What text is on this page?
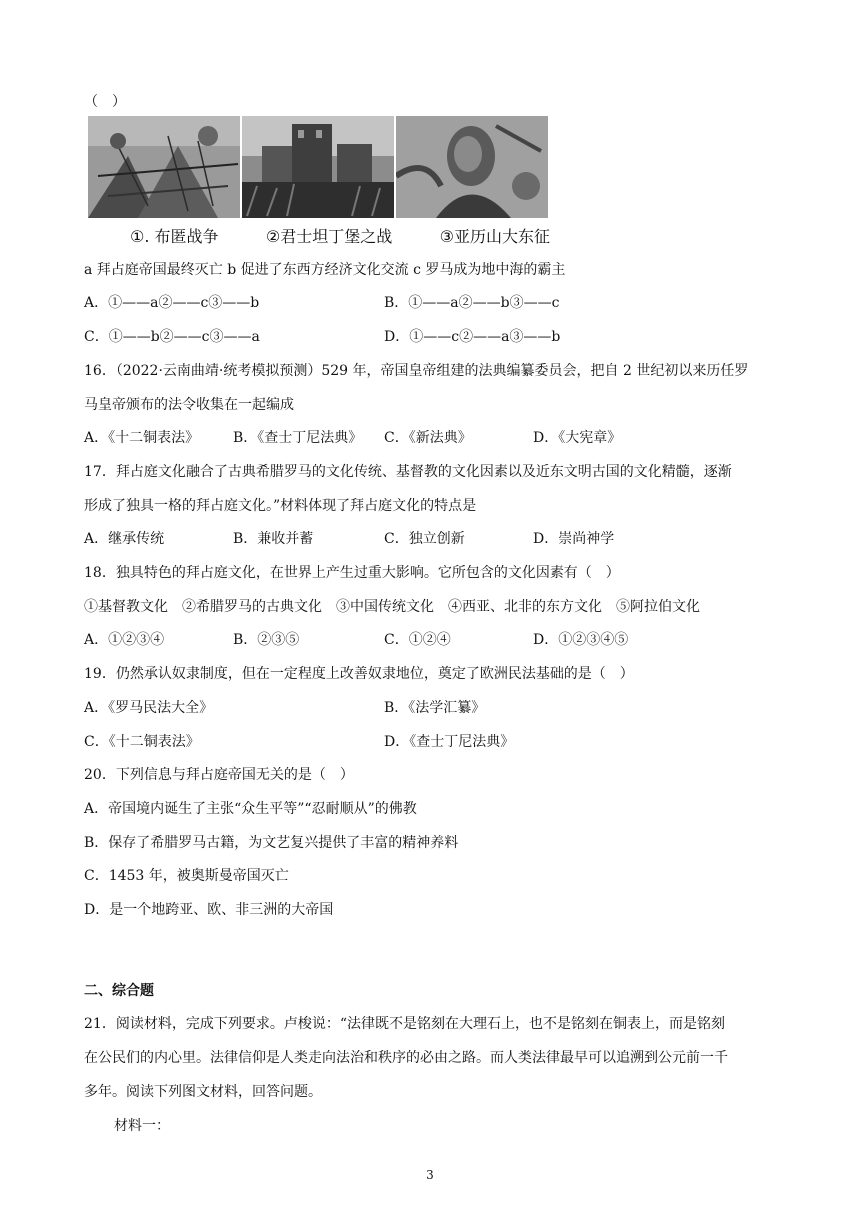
（　）
①. 布匿战争	②君士坦丁堡之战	③亚历山大东征
a 拜占庭帝国最终灭亡 b 促进了东西方经济文化交流 c 罗马成为地中海的霸主
A．①——a②——c③——b	B．①——a②——b③——c
C．①——b②——c③——a	D．①——c②——a③——b
16．（2022·云南曲靖·统考模拟预测）529 年，帝国皇帝组建的法典编纂委员会，把自 2 世纪初以来历任罗
马皇帝颁布的法令收集在一起编成
A．《十二铜表法》 B．《查士丁尼法典》 C．《新法典》	D．《大宪章》
17．拜占庭文化融合了古典希腊罗马的文化传统、基督教的文化因素以及近东文明古国的文化精髓，逐渐
形成了独具一格的拜占庭文化。”材料体现了拜占庭文化的特点是
A．继承传统	B．兼收并蓄	C．独立创新	D．崇尚神学
18．独具特色的拜占庭文化，在世界上产生过重大影响。它所包含的文化因素有（　）
①基督教文化　②希腊罗马的古典文化　③中国传统文化　④西亚、北非的东方文化　⑤阿拉伯文化
A．①②③④	B．②③⑤	C．①②④	D．①②③④⑤
19．仍然承认奴隶制度，但在一定程度上改善奴隶地位，奠定了欧洲民法基础的是（　）
A．《罗马民法大全》	B．《法学汇纂》
C．《十二铜表法》	D．《查士丁尼法典》
20．下列信息与拜占庭帝国无关的是（　）
A．帝国境内诞生了主张“众生平等”“忍耐顺从”的佛教
B．保存了希腊罗马古籍，为文艺复兴提供了丰富的精神养料
C．1453 年，被奥斯曼帝国灭亡
D．是一个地跨亚、欧、非三洲的大帝国
二、综合题
21．阅读材料，完成下列要求。卢梭说：“法律既不是铭刻在大理石上，也不是铭刻在铜表上，而是铭刻
在公民们的内心里。法律信仰是人类走向法治和秩序的必由之路。而人类法律最早可以追溯到公元前一千
多年。阅读下列图文材料，回答问题。
材料一：
3
